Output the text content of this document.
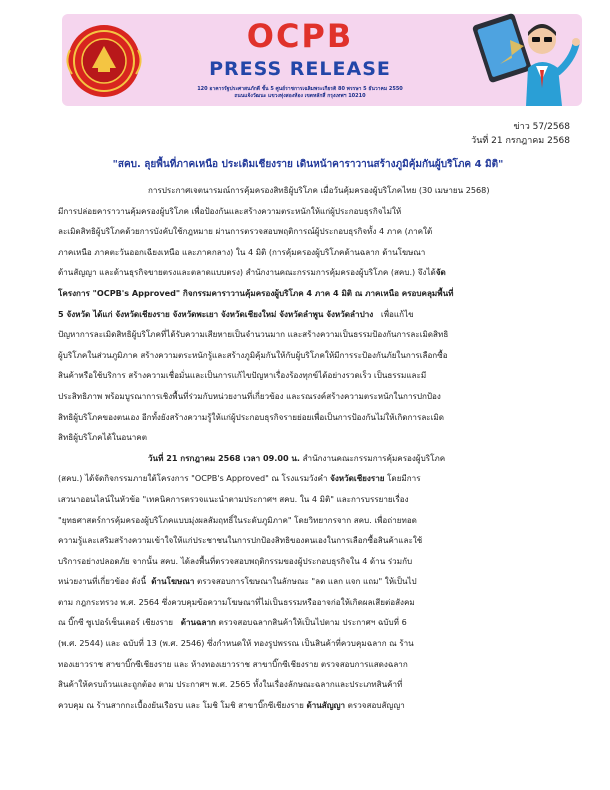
OCPB
PRESS RELEASE
120 อาคารรัฐประศาสนภักดี ชั้น 5 ศูนย์ราชการเฉลิมพระเกียรติ 80 พรรษา 5 ธันวาคม 2550
ถนนแจ้งวัฒนะ แขวงทุ่งสองห้อง เขตหลักสี่ กรุงเทพฯ 10210
ข่าว 57/2568
วันที่ 21 กรกฎาคม 2568
"สคบ. ลุยพื้นที่ภาคเหนือ ประเดิมเชียงราย เดินหน้าคาราวานสร้างภูมิคุ้มกันผู้บริโภค 4 มิติ"
การประกาศเจตนารมณ์การคุ้มครองสิทธิผู้บริโภค เมื่อวันคุ้มครองผู้บริโภคไทย (30 เมษายน 2568)
มีการปล่อยคาราวานคุ้มครองผู้บริโภค เพื่อป้องกันและสร้างความตระหนักให้แก่ผู้ประกอบธุรกิจไม่ให้
ละเมิดสิทธิผู้บริโภคด้วยการบังคับใช้กฎหมาย ผ่านการตรวจสอบพฤติการณ์ผู้ประกอบธุรกิจทั้ง 4 ภาค (ภาคใต้
ภาคเหนือ ภาคตะวันออกเฉียงเหนือ และภาคกลาง) ใน 4 มิติ (การคุ้มครองผู้บริโภคด้านฉลาก ด้านโฆษณา
ด้านสัญญา และด้านธุรกิจขายตรงและตลาดแบบตรง) สำนักงานคณะกรรมการคุ้มครองผู้บริโภค (สคบ.) จึงได้จัด
โครงการ "OCPB's Approved" กิจกรรมคาราวานคุ้มครองผู้บริโภค 4 ภาค 4 มิติ ณ ภาคเหนือ ครอบคลุมพื้นที่
5 จังหวัด ได้แก่ จังหวัดเชียงราย จังหวัดพะเยา จังหวัดเชียงใหม่ จังหวัดลำพูน จังหวัดลำปาง เพื่อแก้ไข
ปัญหาการละเมิดสิทธิผู้บริโภคที่ได้รับความเสียหายเป็นจำนวนมาก และสร้างความเป็นธรรมป้องกันการละเมิดสิทธิ
ผู้บริโภคในส่วนภูมิภาค สร้างความตระหนักรู้และสร้างภูมิคุ้มกันให้กับผู้บริโภคให้มีการระป้องกันภัยในการเลือกซื้อ
สินค้าหรือใช้บริการ สร้างความเชื่อมั่นและเป็นการแก้ไขปัญหาเรื่องร้องทุกข์ได้อย่างรวดเร็ว เป็นธรรมและมี
ประสิทธิภาพ พร้อมบูรณาการเชิงพื้นที่ร่วมกับหน่วยงานที่เกี่ยวข้อง และรณรงค์สร้างความตระหนักในการปกป้อง
สิทธิผู้บริโภคของตนเอง อีกทั้งยังสร้างความรู้ให้แก่ผู้ประกอบธุรกิจรายย่อยเพื่อเป็นการป้องกันไม่ให้เกิดการละเมิด
สิทธิผู้บริโภคได้ในอนาคต
วันที่ 21 กรกฎาคม 2568 เวลา 09.00 น. สำนักงานคณะกรรมการคุ้มครองผู้บริโภค
(สคบ.) ได้จัดกิจกรรมภายใต้โครงการ "OCPB's Approved" ณ โรงแรมวังคำ จังหวัดเชียงราย โดยมีการ
เสวนาออนไลน์ในหัวข้อ "เทคนิคการตรวจแนะนำตามประกาศฯ สคบ. ใน 4 มิติ" และการบรรยายเรื่อง
"ยุทธศาสตร์การคุ้มครองผู้บริโภคแบบมุ่งผลสัมฤทธิ์ในระดับภูมิภาค" โดยวิทยากรจาก สคบ. เพื่อถ่ายทอด
ความรู้และเสริมสร้างความเข้าใจให้แก่ประชาชนในการปกป้องสิทธิของตนเองในการเลือกซื้อสินค้าและใช้
บริการอย่างปลอดภัย จากนั้น สคบ. ได้ลงพื้นที่ตรวจสอบพฤติกรรมของผู้ประกอบธุรกิจใน 4 ด้าน ร่วมกับ
หน่วยงานที่เกี่ยวข้อง ดังนี้ ด้านโฆษณา ตรวจสอบการโฆษณาในลักษณะ "ลด แลก แจก แถม" ให้เป็นไป
ตาม กฎกระทรวง พ.ศ. 2564 ซึ่งควบคุมข้อความโฆษณาที่ไม่เป็นธรรมหรืออาจก่อให้เกิดผลเสียต่อสังคม
ณ บิ๊กซี ซูเปอร์เซ็นเตอร์ เชียงราย ด้านฉลาก ตรวจสอบฉลากสินค้าให้เป็นไปตาม ประกาศฯ ฉบับที่ 6
(พ.ศ. 2544) และ ฉบับที่ 13 (พ.ศ. 2546) ซึ่งกำหนดให้ ทองรูปพรรณ เป็นสินค้าที่ควบคุมฉลาก ณ ร้าน
ทองเยาวราช สาขาบิ๊กซีเชียงราย และ ห้างทองเยาวราช สาขาบิ๊กซีเชียงราย ตรวจสอบการแสดงฉลาก
สินค้าให้ครบถ้วนและถูกต้อง ตาม ประกาศฯ พ.ศ. 2565 ทั้งในเรื่องลักษณะฉลากและประเภทสินค้าที่
ควบคุม ณ ร้านสากกะเบื้องยันเรือรบ และ โมชิ โมชิ สาขาบิ๊กซีเชียงราย ด้านสัญญา ตรวจสอบสัญญา
